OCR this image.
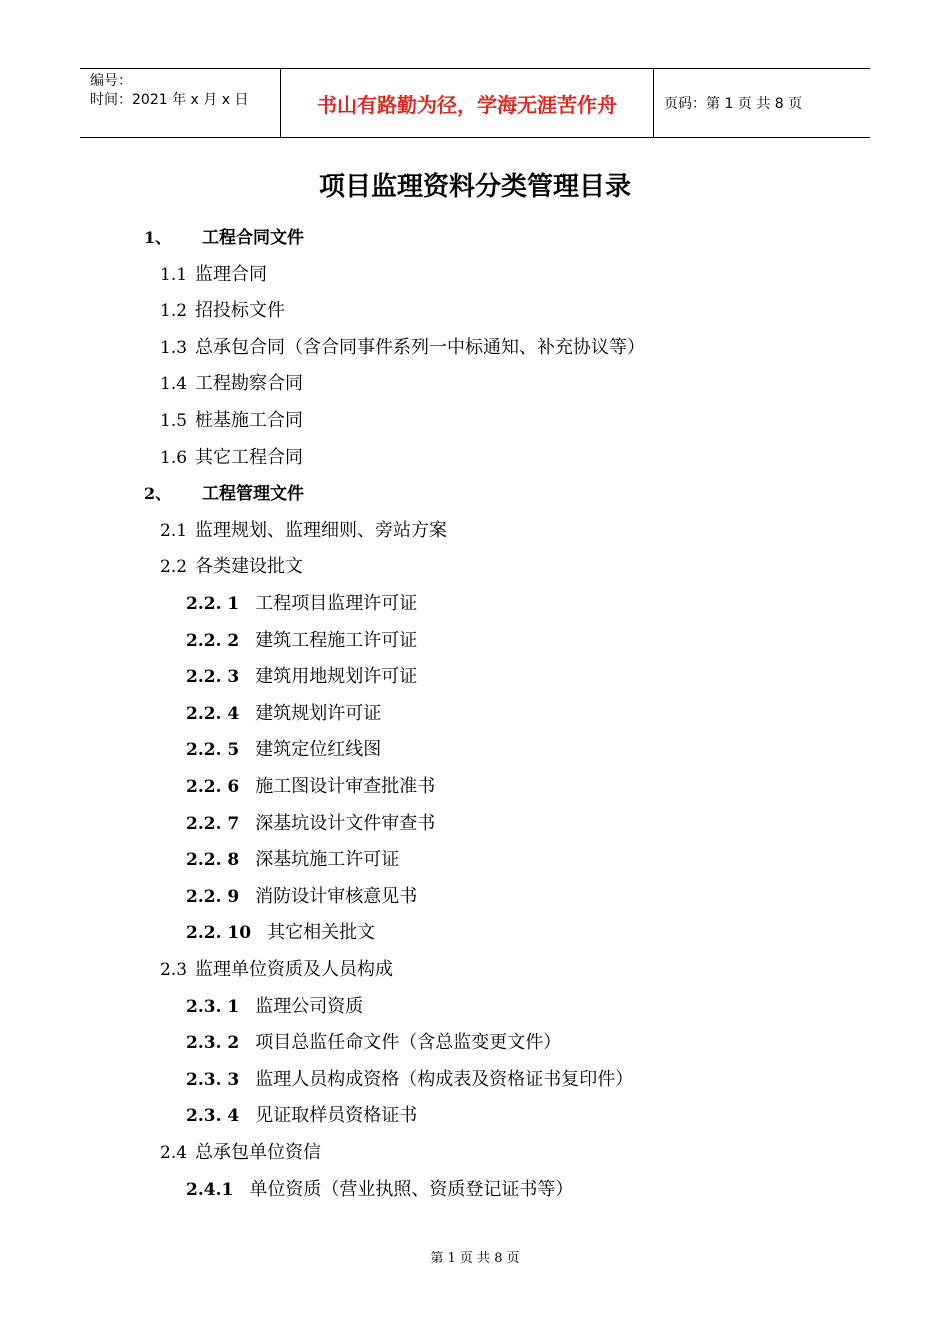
编号：
时间：2021 年 x 月 x 日	书山有路勤为径，学海无涯苦作舟	页码：第 1 页 共 8 页
项目监理资料分类管理目录
1、 工程合同文件
1.1 监理合同
1.2 招投标文件
1.3 总承包合同（含合同事件系列一中标通知、补充协议等）
1.4 工程勘察合同
1.5 桩基施工合同
1.6 其它工程合同
2、 工程管理文件
2.1 监理规划、监理细则、旁站方案
2.2 各类建设批文
2.2. 1 工程项目监理许可证
2.2. 2 建筑工程施工许可证
2.2. 3 建筑用地规划许可证
2.2. 4 建筑规划许可证
2.2. 5 建筑定位红线图
2.2. 6 施工图设计审查批准书
2.2. 7 深基坑设计文件审查书
2.2. 8 深基坑施工许可证
2.2. 9 消防设计审核意见书
2.2. 10 其它相关批文
2.3 监理单位资质及人员构成
2.3. 1 监理公司资质
2.3. 2 项目总监任命文件（含总监变更文件）
2.3. 3 监理人员构成资格（构成表及资格证书复印件）
2.3. 4 见证取样员资格证书
2.4 总承包单位资信
2.4.1 单位资质（营业执照、资质登记证书等）
第 1 页 共 8 页
